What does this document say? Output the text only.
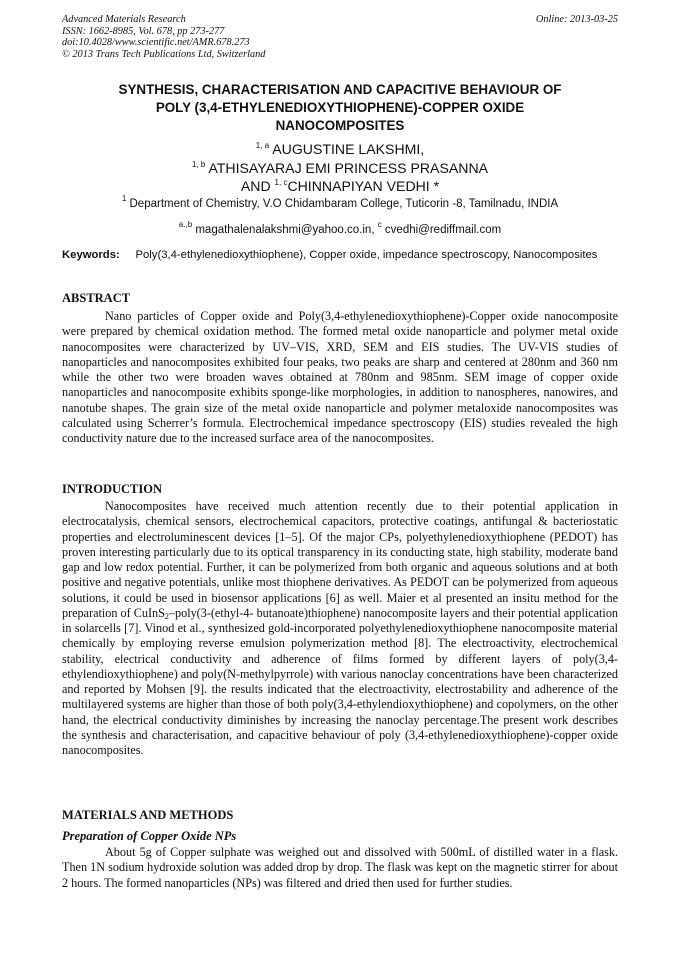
Advanced Materials Research
ISSN: 1662-8985, Vol. 678, pp 273-277
doi:10.4028/www.scientific.net/AMR.678.273
© 2013 Trans Tech Publications Ltd, Switzerland
Online: 2013-03-25
SYNTHESIS, CHARACTERISATION AND CAPACITIVE BEHAVIOUR OF
POLY (3,4-ETHYLENEDIOXYTHIOPHENE)-COPPER OXIDE
NANOCOMPOSITES
$^{1, a}$ AUGUSTINE LAKSHMI,
$^{1, b}$ ATHISAYARAJ EMI PRINCESS PRASANNA
AND $^{1, c}$CHINNAPIYAN VEDHI *
$^1$ Department of Chemistry, V.O Chidambaram College, Tuticorin -8, Tamilnadu, INDIA
$^{a.,b}$ magathalenalakshmi@yahoo.co.in, $^c$ cvedhi@rediffmail.com
Keywords: Poly(3,4-ethylenedioxythiophene), Copper oxide, impedance spectroscopy, Nanocomposites
ABSTRACT

Nano particles of Copper oxide and Poly(3,4-ethylenedioxythiophene)-Copper oxide nanocomposite were prepared by chemical oxidation method. The formed metal oxide nanoparticle and polymer metal oxide nanocomposites were characterized by UV–VIS, XRD, SEM and EIS studies. The UV-VIS studies of nanoparticles and nanocomposites exhibited four peaks, two peaks are sharp and centered at 280nm and 360 nm while the other two were broaden waves obtained at 780nm and 985nm. SEM image of copper oxide nanoparticles and nanocomposite exhibits sponge-like morphologies, in addition to nanospheres, nanowires, and nanotube shapes. The grain size of the metal oxide nanoparticle and polymer metaloxide nanocomposites was calculated using Scherrer’s formula. Electrochemical impedance spectroscopy (EIS) studies revealed the high conductivity nature due to the increased surface area of the nanocomposites.

INTRODUCTION

Nanocomposites have received much attention recently due to their potential application in electrocatalysis, chemical sensors, electrochemical capacitors, protective coatings, antifungal & bacteriostatic properties and electroluminescent devices [1–5]. Of the major CPs, polyethylenedioxythiophene (PEDOT) has proven interesting particularly due to its optical transparency in its conducting state, high stability, moderate band gap and low redox potential. Further, it can be polymerized from both organic and aqueous solutions and at both positive and negative potentials, unlike most thiophene derivatives. As PEDOT can be polymerized from aqueous solutions, it could be used in biosensor applications [6] as well. Maier et al presented an insitu method for the preparation of CuInS$_2$–poly(3-(ethyl-4- butanoate)thiophene) nanocomposite layers and their potential application in solarcells [7]. Vinod et al., synthesized gold-incorporated polyethylenedioxythiophene nanocomposite material chemically by employing reverse emulsion polymerization method [8]. The electroactivity, electrochemical stability, electrical conductivity and adherence of films formed by different layers of poly(3,4-ethylendioxythiophene) and poly(N-methylpyrrole) with various nanoclay concentrations have been characterized and reported by Mohsen [9]. the results indicated that the electroactivity, electrostability and adherence of the multilayered systems are higher than those of both poly(3,4-ethylendioxythiophene) and copolymers, on the other hand, the electrical conductivity diminishes by increasing the nanoclay percentage.The present work describes the synthesis and characterisation, and capacitive behaviour of poly (3,4-ethylenedioxythiophene)-copper oxide nanocomposites.

MATERIALS AND METHODS
Preparation of Copper Oxide NPs

About 5g of Copper sulphate was weighed out and dissolved with 500mL of distilled water in a flask. Then 1N sodium hydroxide solution was added drop by drop. The flask was kept on the magnetic stirrer for about 2 hours. The formed nanoparticles (NPs) was filtered and dried then used for further studies.
